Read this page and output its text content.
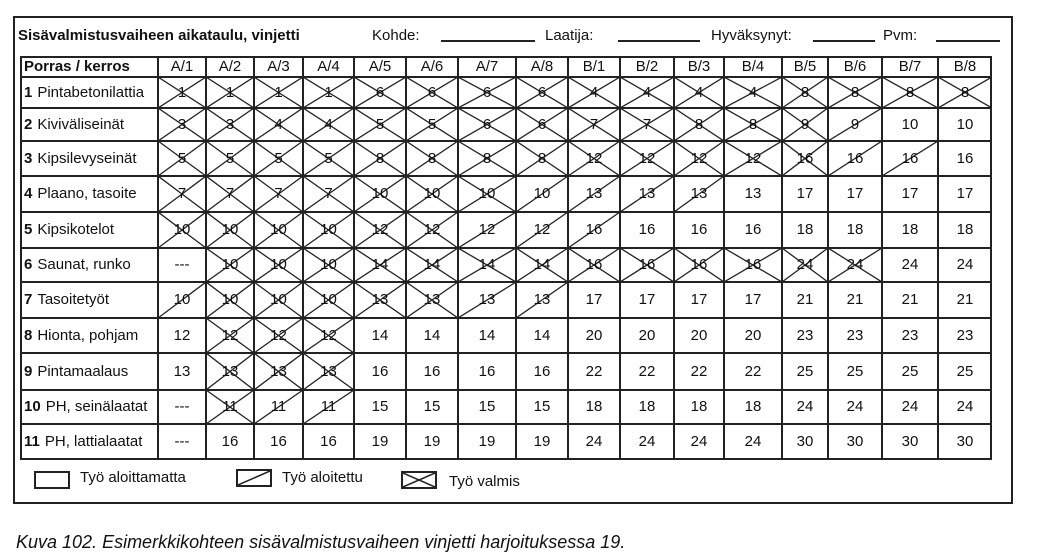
Sisävalmistusvaiheen aikataulu, vinjetti	Kohde:	Laatija:	Hyväksynyt:	Pvm:
Porras / kerros	A/1	A/2	A/3	A/4	A/5	A/6	A/7	A/8	B/1	B/2	B/3	B/4	B/5	B/6	B/7	B/8
1 Pintabetonilattia	1	1	1	1	6	6	6	6	4	4	4	4	8	8	8	8
2 Kiviväliseinät	3	3	4	4	5	5	6	6	7	7	8	8	9	9	10	10
3 Kipsilevyseinät	5	5	5	5	8	8	8	8	12	12	12	12	16	16	16	16
4 Plaano, tasoite	7	7	7	7	10	10	10	10	13	13	13	13	17	17	17	17
5 Kipsikotelot	10	10	10	10	12	12	12	12	16	16	16	16	18	18	18	18
6 Saunat, runko	---	10	10	10	14	14	14	14	16	16	16	16	24	24	24	24
7 Tasoitetyöt	10	10	10	10	13	13	13	13	17	17	17	17	21	21	21	21
8 Hionta, pohjam	12	12	12	12	14	14	14	14	20	20	20	20	23	23	23	23
9 Pintamaalaus	13	13	13	13	16	16	16	16	22	22	22	22	25	25	25	25
10 PH, seinälaatat	---	11	11	11	15	15	15	15	18	18	18	18	24	24	24	24
11 PH, lattialaatat	---	16	16	16	19	19	19	19	24	24	24	24	30	30	30	30
Työ aloittamatta	Työ aloitettu	Työ valmis
Kuva 102. Esimerkkikohteen sisävalmistusvaiheen vinjetti harjoituksessa 19.
